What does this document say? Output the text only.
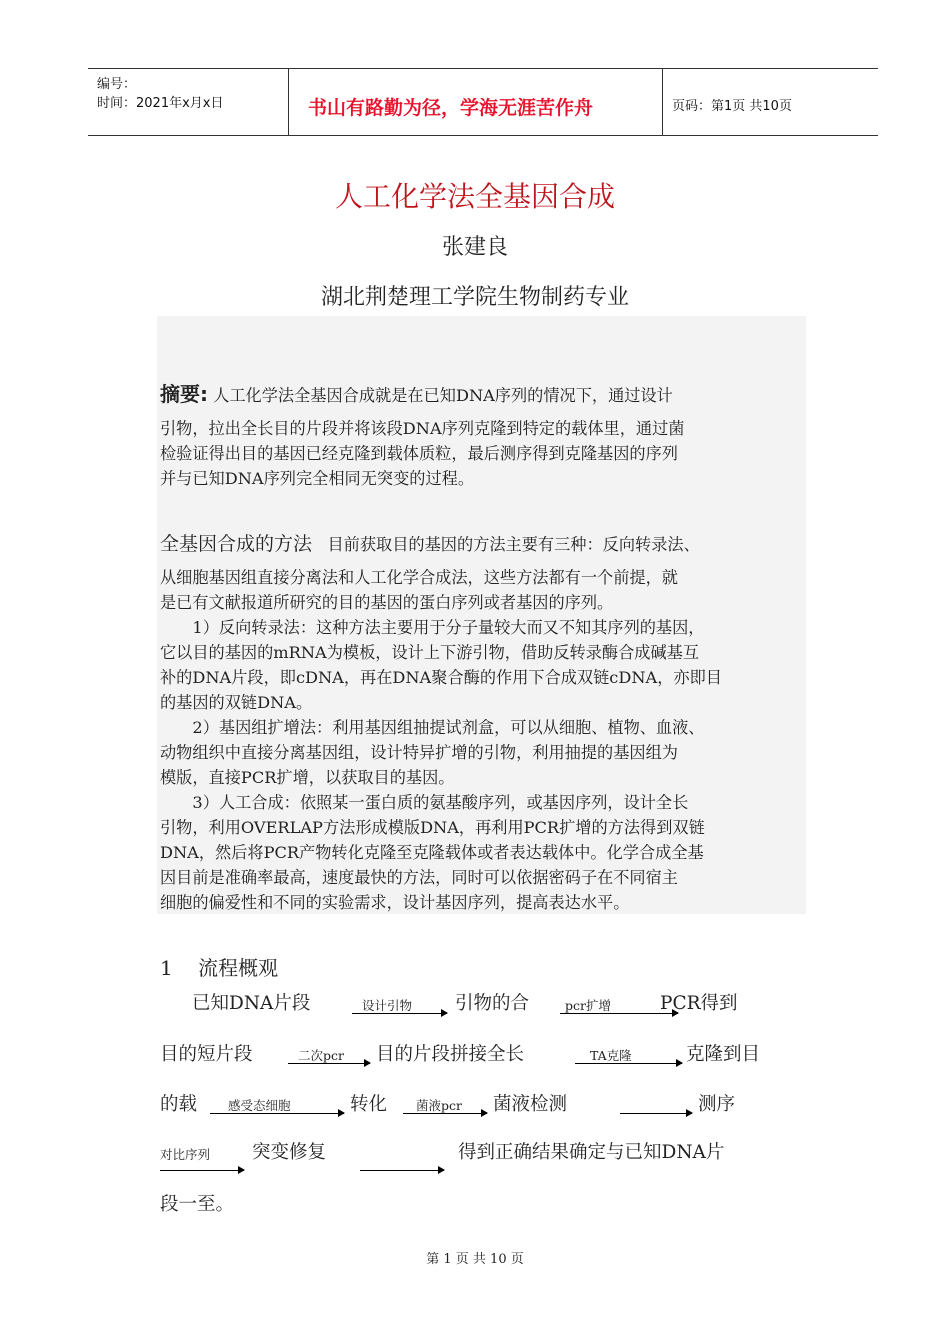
编号：
时间：2021年x月x日	书山有路勤为径，学海无涯苦作舟	页码：第1页 共10页
人工化学法全基因合成
张建良
湖北荆楚理工学院生物制药专业

摘要: 人工化学法全基因合成就是在已知DNA序列的情况下，通过设计

引物，拉出全长目的片段并将该段DNA序列克隆到特定的载体里，通过菌

检验证得出目的基因已经克隆到载体质粒，最后测序得到克隆基因的序列

并与已知DNA序列完全相同无突变的过程。

全基因合成的方法 目前获取目的基因的方法主要有三种：反向转录法、

从细胞基因组直接分离法和人工化学合成法，这些方法都有一个前提，就

是已有文献报道所研究的目的基因的蛋白序列或者基因的序列。

1）反向转录法：这种方法主要用于分子量较大而又不知其序列的基因，

它以目的基因的mRNA为模板，设计上下游引物，借助反转录酶合成碱基互

补的DNA片段，即cDNA，再在DNA聚合酶的作用下合成双链cDNA，亦即目

的基因的双链DNA。

2）基因组扩增法：利用基因组抽提试剂盒，可以从细胞、植物、血液、

动物组织中直接分离基因组，设计特异扩增的引物，利用抽提的基因组为

模版，直接PCR扩增，以获取目的基因。

3）人工合成：依照某一蛋白质的氨基酸序列，或基因序列，设计全长

引物，利用OVERLAP方法形成模版DNA，再利用PCR扩增的方法得到双链

DNA，然后将PCR产物转化克隆至克隆载体或者表达载体中。化学合成全基

因目前是准确率最高，速度最快的方法，同时可以依据密码子在不同宿主

细胞的偏爱性和不同的实验需求，设计基因序列，提高表达水平。

1 流程概观
已知DNA片段	设计引物 引物的合	pcr扩增	PCR得到
目的短片段	二次pcr 目的片段拼接全长	TA克隆	克隆到目
的载 感受态细胞	转化 菌液pcr 菌液检测	测序
对比序列 突变修复	得到正确结果确定与已知DNA片
段一至。
第 1 页 共 10 页
